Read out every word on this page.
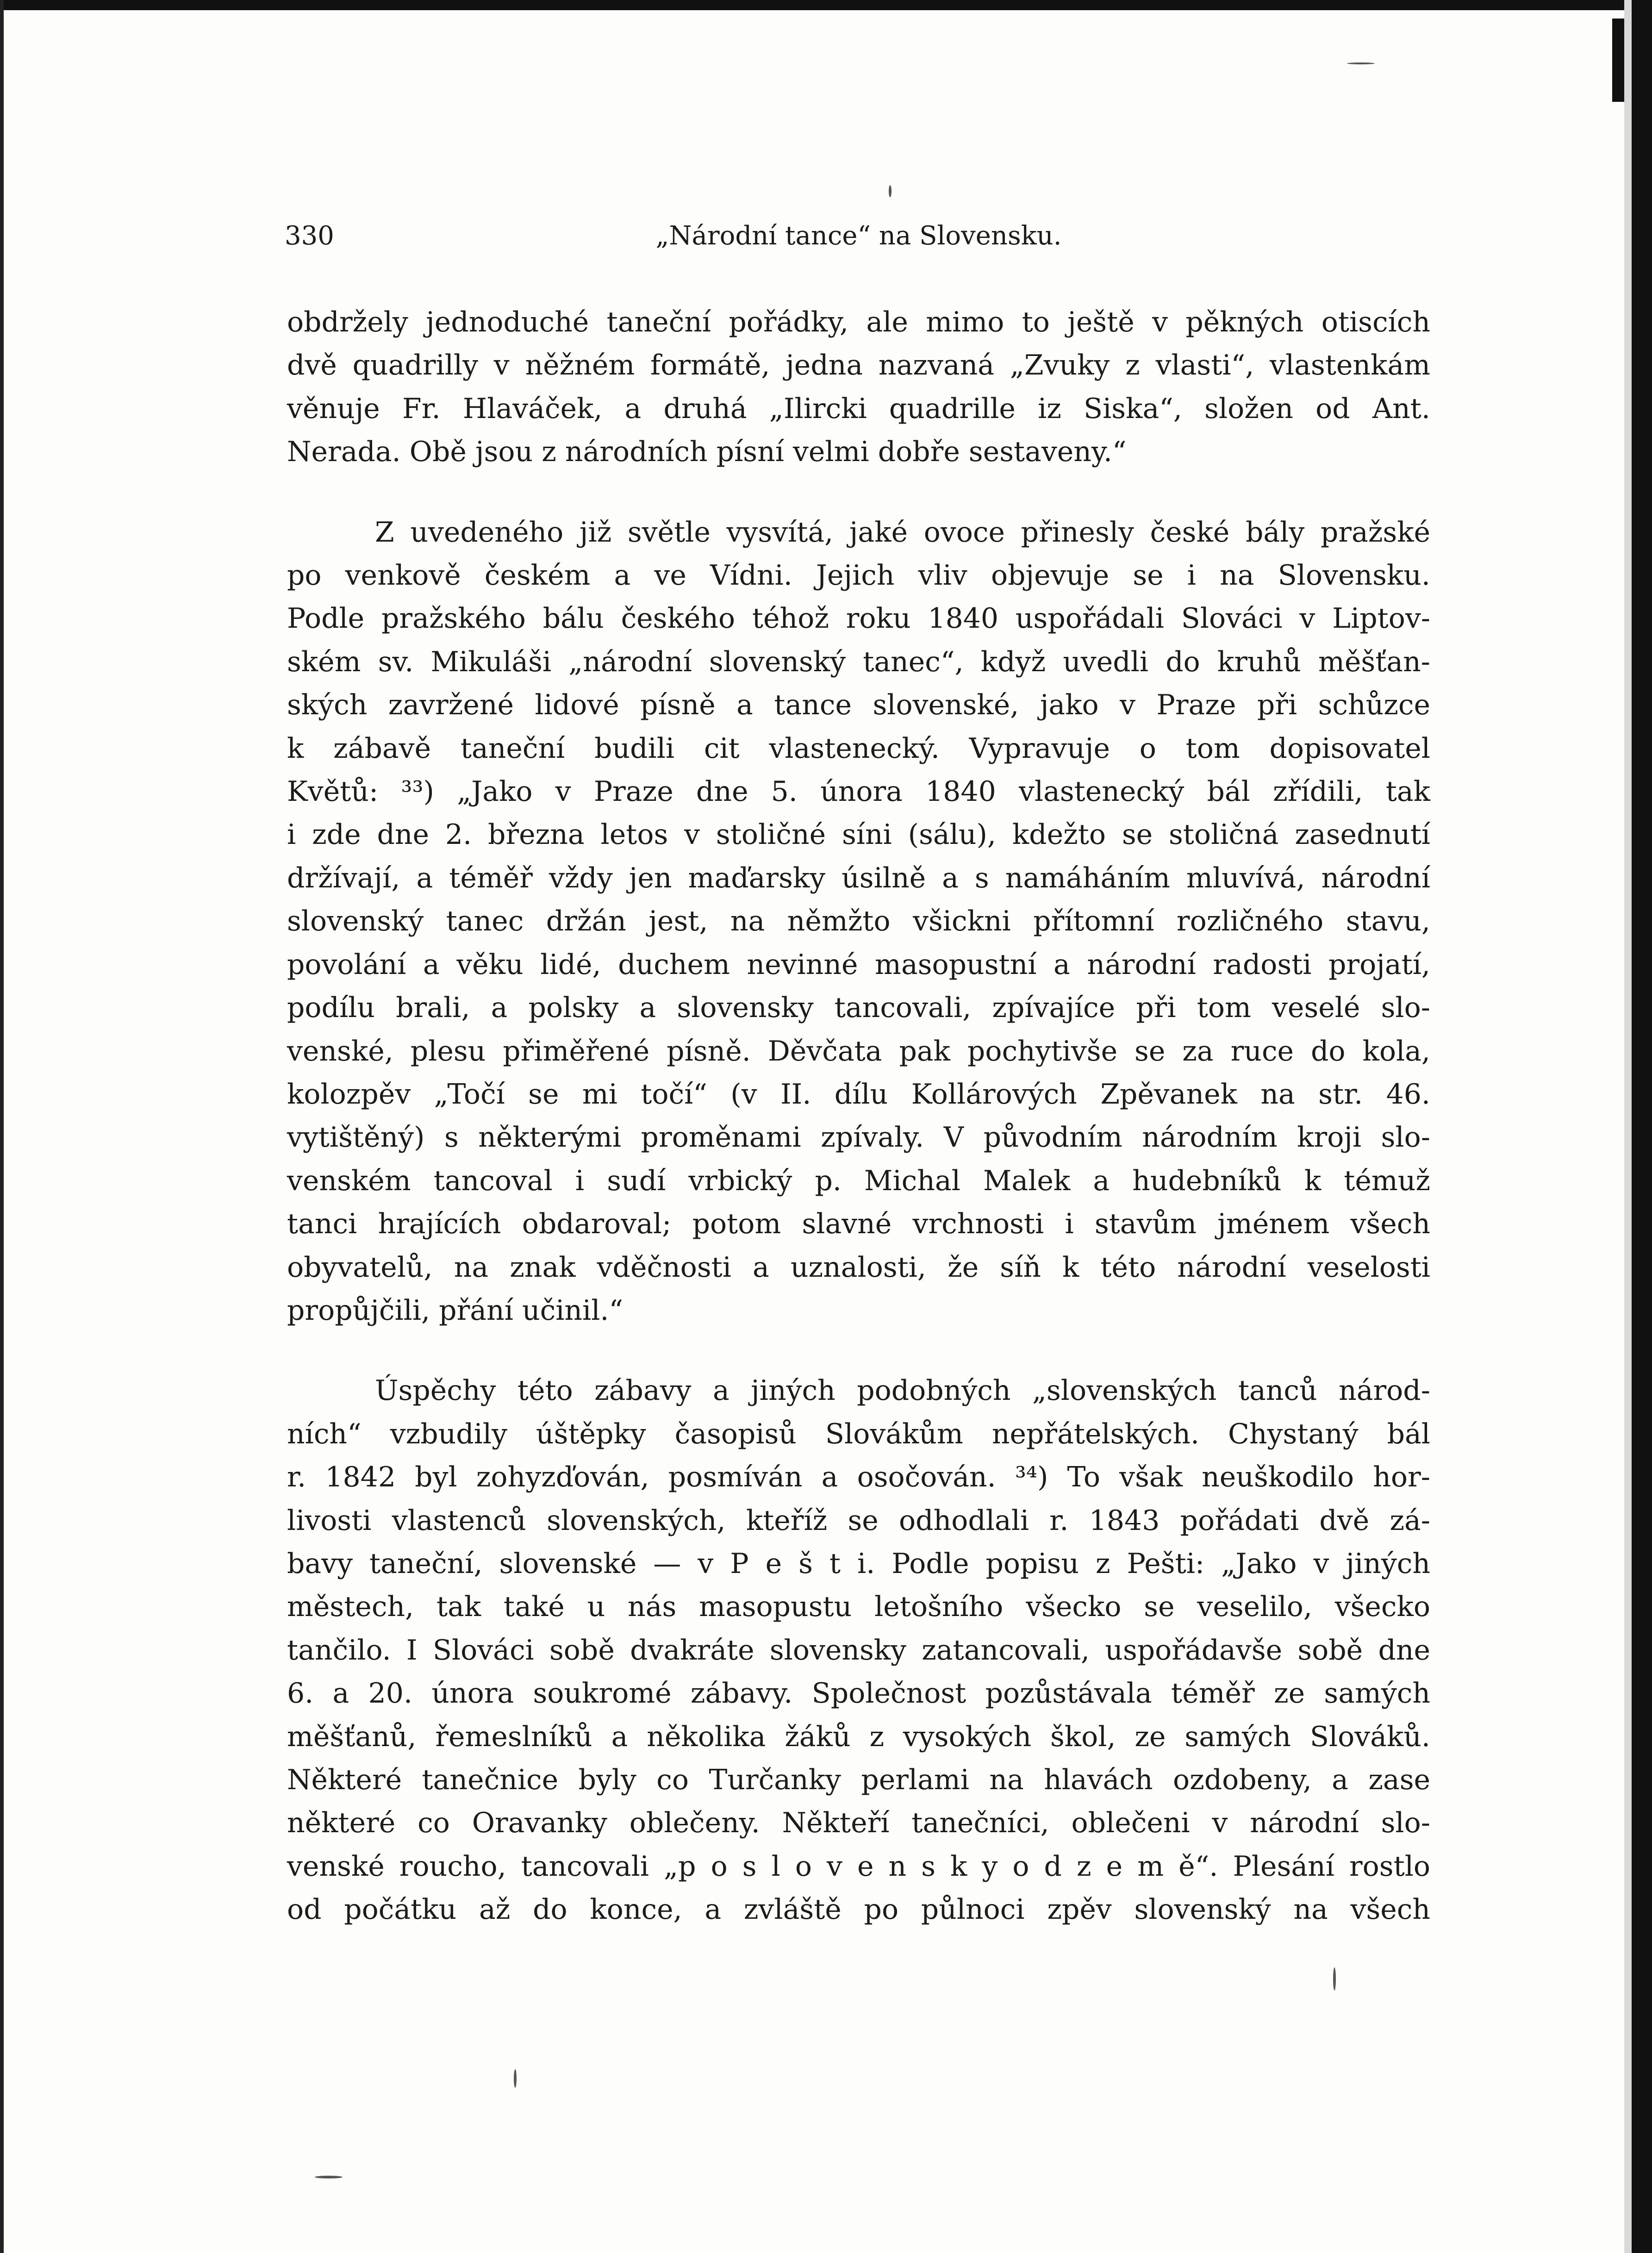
330	„Národní tance“ na Slovensku.

obdržely jednoduché taneční pořádky, ale mimo to ještě v pěkných otiscích
dvě quadrilly v něžném formátě, jedna nazvaná „Zvuky z vlasti“, vlastenkám
věnuje Fr. Hlaváček, a druhá „Ilircki quadrille iz Siska“, složen od Ant.
Nerada. Obě jsou z národních písní velmi dobře sestaveny.“

Z uvedeného již světle vysvítá, jaké ovoce přinesly české bály pražské
po venkově českém a ve Vídni. Jejich vliv objevuje se i na Slovensku.
Podle pražského bálu českého téhož roku 1840 uspořádali Slováci v Liptov-
ském sv. Mikuláši „národní slovenský tanec“, když uvedli do kruhů měšťan-
ských zavržené lidové písně a tance slovenské, jako v Praze při schůzce
k zábavě taneční budili cit vlastenecký. Vypravuje o tom dopisovatel
Květů: ³³) „Jako v Praze dne 5. února 1840 vlastenecký bál zřídili, tak
i zde dne 2. března letos v stoličné síni (sálu), kdežto se stoličná zasednutí
držívají, a téměř vždy jen maďarsky úsilně a s namáháním mluvívá, národní
slovenský tanec držán jest, na němžto všickni přítomní rozličného stavu,
povolání a věku lidé, duchem nevinné masopustní a národní radosti projatí,
podílu brali, a polsky a slovensky tancovali, zpívajíce při tom veselé slo-
venské, plesu přiměřené písně. Děvčata pak pochytivše se za ruce do kola,
kolozpěv „Točí se mi točí“ (v II. dílu Kollárových Zpěvanek na str. 46.
vytištěný) s některými proměnami zpívaly. V původním národním kroji slo-
venském tancoval i sudí vrbický p. Michal Malek a hudebníků k témuž
tanci hrajících obdaroval; potom slavné vrchnosti i stavům jménem všech
obyvatelů, na znak vděčnosti a uznalosti, že síň k této národní veselosti
propůjčili, přání učinil.“

Úspěchy této zábavy a jiných podobných „slovenských tanců národ-
ních“ vzbudily úštěpky časopisů Slovákům nepřátelských. Chystaný bál
r. 1842 byl zohyzďován, posmíván a osočován. ³⁴) To však neuškodilo hor-
livosti vlastenců slovenských, kteříž se odhodlali r. 1843 pořádati dvě zá-
bavy taneční, slovenské — v P e š t i. Podle popisu z Pešti: „Jako v jiných
městech, tak také u nás masopustu letošního všecko se veselilo, všecko
tančilo. I Slováci sobě dvakráte slovensky zatancovali, uspořádavše sobě dne
6. a 20. února soukromé zábavy. Společnost pozůstávala téměř ze samých
měšťanů, řemeslníků a několika žáků z vysokých škol, ze samých Slováků.
Některé tanečnice byly co Turčanky perlami na hlavách ozdobeny, a zase
některé co Oravanky oblečeny. Někteří tanečníci, oblečeni v národní slo-
venské roucho, tancovali „p o s l o v e n s k y o d z e m ě“. Plesání rostlo
od počátku až do konce, a zvláště po půlnoci zpěv slovenský na všech
